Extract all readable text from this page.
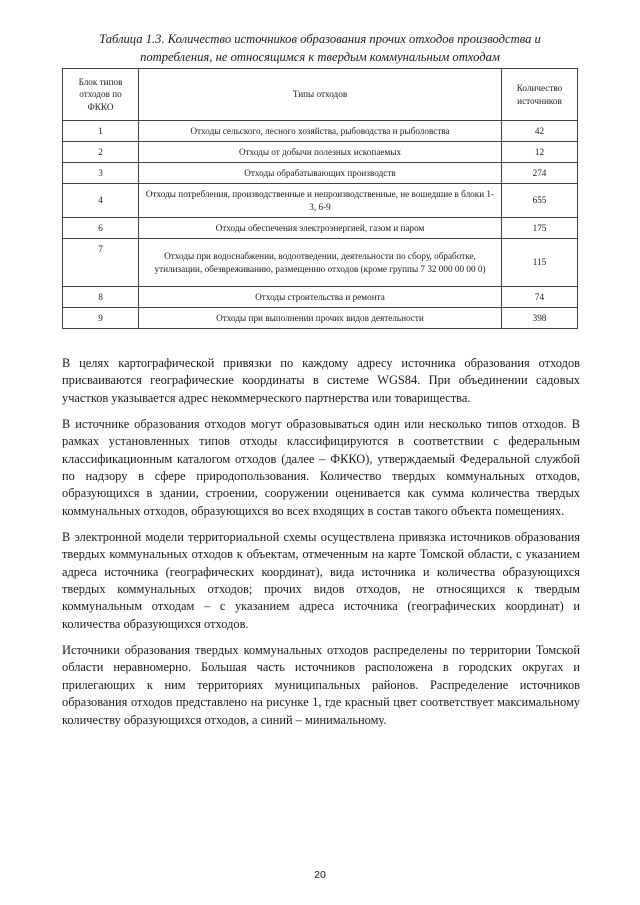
Таблица 1.3. Количество источников образования прочих отходов производства и потребления, не относящимся к твердым коммунальным отходам
Блок типов отходов по ФККО	Типы отходов	Количество источников
1	Отходы сельского, лесного хозяйства, рыбоводства и рыболовства	42
2	Отходы от добычи полезных ископаемых	12
3	Отходы обрабатывающих производств	274
4	Отходы потребления, производственные и непроизводственные, не вошедшие в блоки 1-3, 6-9	655
6	Отходы обеспечения электроэнергией, газом и паром	175
7	Отходы при водоснабжении, водоотведении, деятельности по сбору, обработке, утилизации, обезвреживанию, размещению отходов (кроме группы 7 32 000 00 00 0)	115
8	Отходы строительства и ремонта	74
9	Отходы при выполнении прочих видов деятельности	398

В целях картографической привязки по каждому адресу источника образования отходов присваиваются географические координаты в системе WGS84. При объединении садовых участков указывается адрес некоммерческого партнерства или товарищества.

В источнике образования отходов могут образовываться один или несколько типов отходов. В рамках установленных типов отходы классифицируются в соответствии с федеральным классификационным каталогом отходов (далее – ФККО), утверждаемый Федеральной службой по надзору в сфере природопользования. Количество твердых коммунальных отходов, образующихся в здании, строении, сооружении оценивается как сумма количества твердых коммунальных отходов, образующихся во всех входящих в состав такого объекта помещениях.

В электронной модели территориальной схемы осуществлена привязка источников образования твердых коммунальных отходов к объектам, отмеченным на карте Томской области, с указанием адреса источника (географических координат), вида источника и количества образующихся твердых коммунальных отходов; прочих видов отходов, не относящихся к твердым коммунальным отходам – с указанием адреса источника (географических координат) и количества образующихся отходов.

Источники образования твердых коммунальных отходов распределены по территории Томской области неравномерно. Большая часть источников расположена в городских округах и прилегающих к ним территориях муниципальных районов. Распределение источников образования отходов представлено на рисунке 1, где красный цвет соответствует максимальному количеству образующихся отходов, а синий – минимальному.

20
